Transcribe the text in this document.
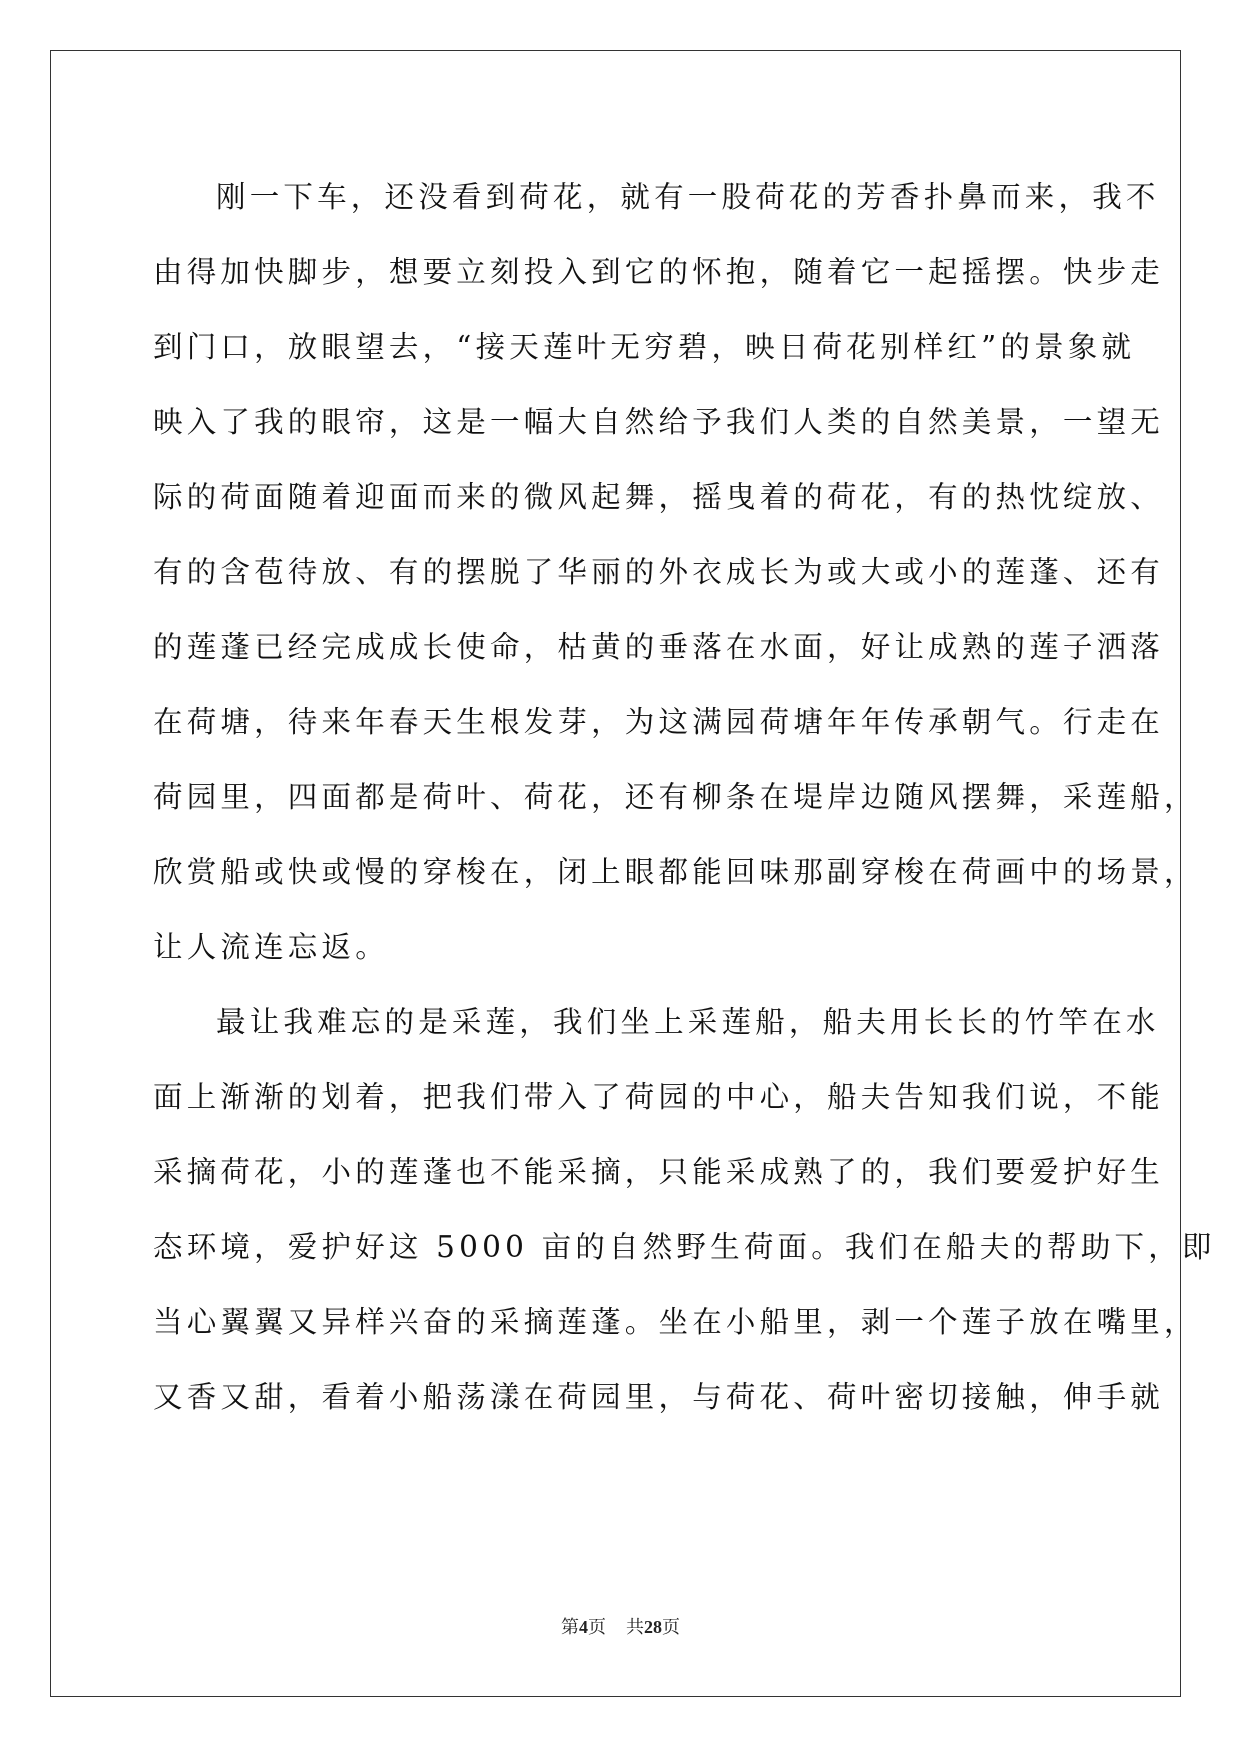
刚一下车，还没看到荷花，就有一股荷花的芳香扑鼻而来，我不
由得加快脚步，想要立刻投入到它的怀抱，随着它一起摇摆。快步走
到门口，放眼望去，“接天莲叶无穷碧，映日荷花别样红”的景象就
映入了我的眼帘，这是一幅大自然给予我们人类的自然美景，一望无
际的荷面随着迎面而来的微风起舞，摇曳着的荷花，有的热忱绽放、
有的含苞待放、有的摆脱了华丽的外衣成长为或大或小的莲蓬、还有
的莲蓬已经完成成长使命，枯黄的垂落在水面，好让成熟的莲子洒落
在荷塘，待来年春天生根发芽，为这满园荷塘年年传承朝气。行走在
荷园里，四面都是荷叶、荷花，还有柳条在堤岸边随风摆舞，采莲船，
欣赏船或快或慢的穿梭在，闭上眼都能回味那副穿梭在荷画中的场景，
让人流连忘返。
最让我难忘的是采莲，我们坐上采莲船，船夫用长长的竹竿在水
面上渐渐的划着，把我们带入了荷园的中心，船夫告知我们说，不能
采摘荷花，小的莲蓬也不能采摘，只能采成熟了的，我们要爱护好生
态环境，爱护好这 5000 亩的自然野生荷面。我们在船夫的帮助下，即
当心翼翼又异样兴奋的采摘莲蓬。坐在小船里，剥一个莲子放在嘴里，
又香又甜，看着小船荡漾在荷园里，与荷花、荷叶密切接触，伸手就
第4页 共28页
